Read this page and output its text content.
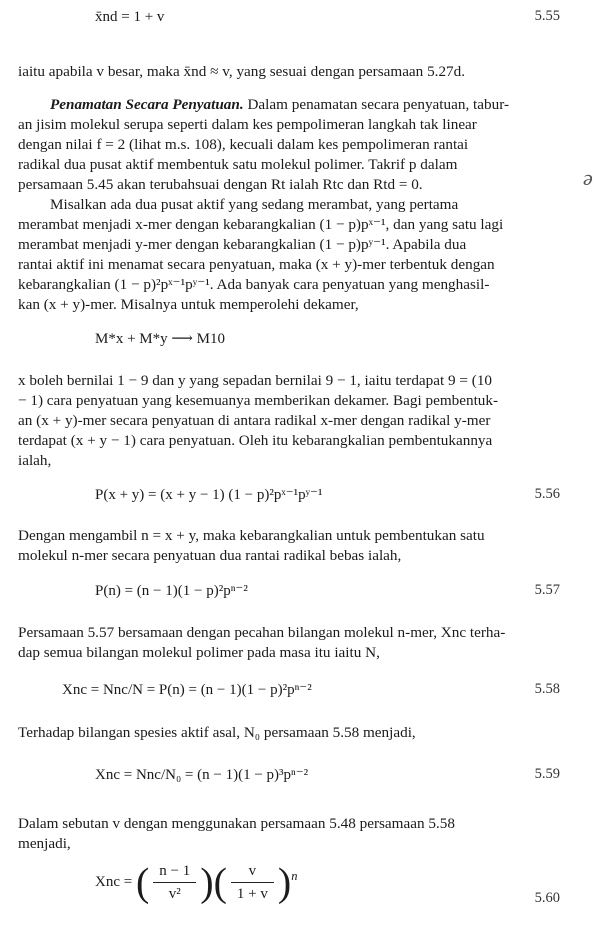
x̄nd = 1 + v	5.55
iaitu apabila v besar, maka x̄nd ≈ v, yang sesuai dengan persamaan 5.27d.
Penamatan Secara Penyatuan. Dalam penamatan secara penyatuan, tabur-
an jisim molekul serupa seperti dalam kes pempolimeran langkah tak linear
dengan nilai f = 2 (lihat m.s. 108), kecuali dalam kes pempolimeran rantai
radikal dua pusat aktif membentuk satu molekul polimer. Takrif p dalam
persamaan 5.45 akan terubahsuai dengan Rt ialah Rtc dan Rtd = 0.
Misalkan ada dua pusat aktif yang sedang merambat, yang pertama
merambat menjadi x-mer dengan kebarangkalian (1 − p)pˣ⁻¹, dan yang satu lagi
merambat menjadi y-mer dengan kebarangkalian (1 − p)pʸ⁻¹. Apabila dua
rantai aktif ini menamat secara penyatuan, maka (x + y)-mer terbentuk dengan
kebarangkalian (1 − p)²pˣ⁻¹pʸ⁻¹. Ada banyak cara penyatuan yang menghasil-
kan (x + y)-mer. Misalnya untuk memperolehi dekamer,
M*x + M*y ⟶ M10
x boleh bernilai 1 − 9 dan y yang sepadan bernilai 9 − 1, iaitu terdapat 9 = (10
− 1) cara penyatuan yang kesemuanya memberikan dekamer. Bagi pembentuk-
an (x + y)-mer secara penyatuan di antara radikal x-mer dengan radikal y-mer
terdapat (x + y − 1) cara penyatuan. Oleh itu kebarangkalian pembentukannya
ialah,
P(x + y) = (x + y − 1) (1 − p)²pˣ⁻¹pʸ⁻¹	5.56
Dengan mengambil n = x + y, maka kebarangkalian untuk pembentukan satu
molekul n-mer secara penyatuan dua rantai radikal bebas ialah,
P(n) = (n − 1)(1 − p)²pⁿ⁻²	5.57
Persamaan 5.57 bersamaan dengan pecahan bilangan molekul n-mer, Xnc terha-
dap semua bilangan molekul polimer pada masa itu iaitu N,
Xnc = Nnc/N = P(n) = (n − 1)(1 − p)²pⁿ⁻²	5.58
Terhadap bilangan spesies aktif asal, N₀ persamaan 5.58 menjadi,
Xnc = Nnc/N₀ = (n − 1)(1 − p)³pⁿ⁻²	5.59
Dalam sebutan v dengan menggunakan persamaan 5.48 persamaan 5.58
menjadi,
Xnc = ( $\frac{n - 1}{\text{v²}}$ )( $\frac{v}{1 + v} )^n$
5.60
ə
